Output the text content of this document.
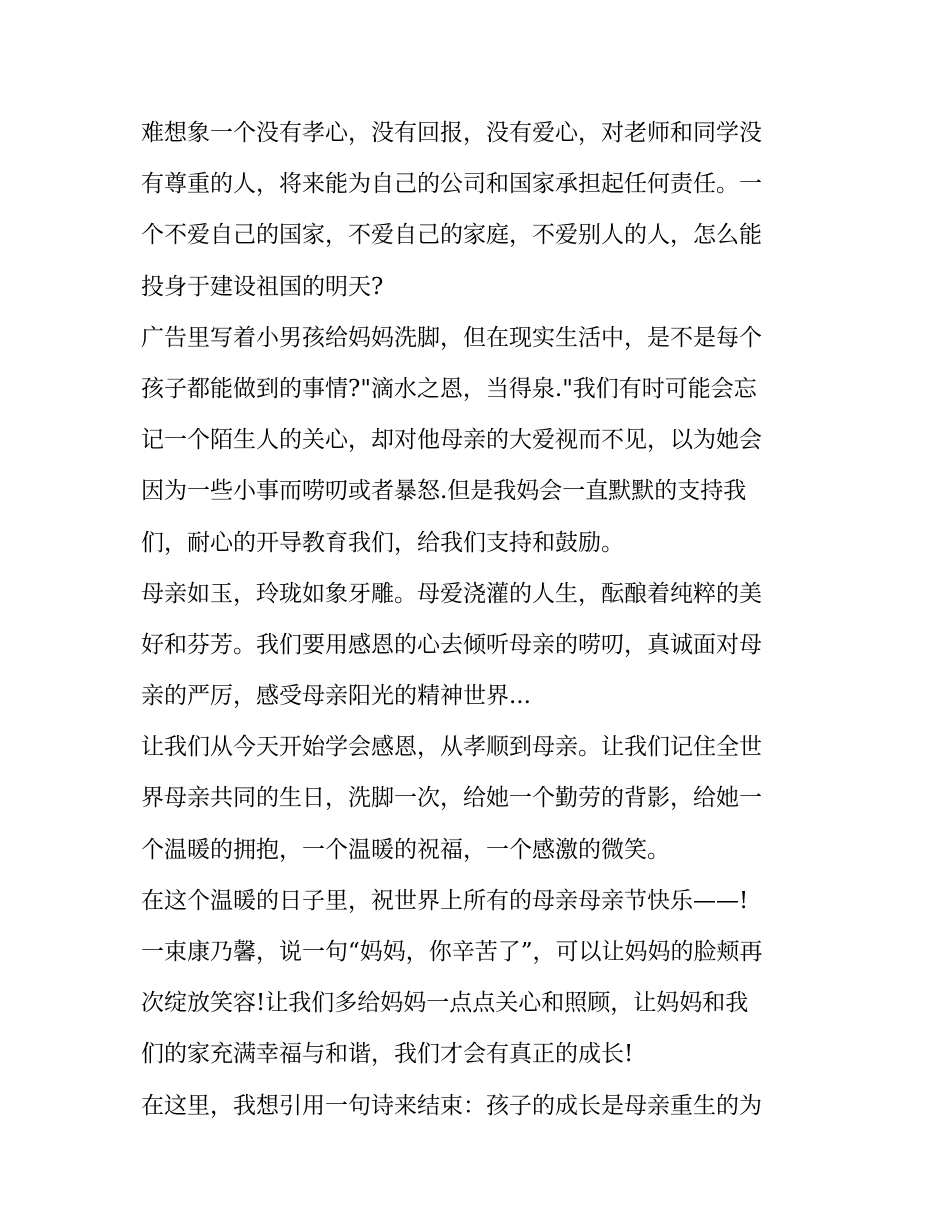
难想象一个没有孝心，没有回报，没有爱心，对老师和同学没
有尊重的人，将来能为自己的公司和国家承担起任何责任。一
个不爱自己的国家，不爱自己的家庭，不爱别人的人，怎么能
投身于建设祖国的明天?
广告里写着小男孩给妈妈洗脚，但在现实生活中，是不是每个
孩子都能做到的事情?"滴水之恩，当得泉."我们有时可能会忘
记一个陌生人的关心，却对他母亲的大爱视而不见，以为她会
因为一些小事而唠叨或者暴怒.但是我妈会一直默默的支持我
们，耐心的开导教育我们，给我们支持和鼓励。
母亲如玉，玲珑如象牙雕。母爱浇灌的人生，酝酿着纯粹的美
好和芬芳。我们要用感恩的心去倾听母亲的唠叨，真诚面对母
亲的严厉，感受母亲阳光的精神世界...
让我们从今天开始学会感恩，从孝顺到母亲。让我们记住全世
界母亲共同的生日，洗脚一次，给她一个勤劳的背影，给她一
个温暖的拥抱，一个温暖的祝福，一个感激的微笑。
在这个温暖的日子里，祝世界上所有的母亲母亲节快乐——!
一束康乃馨，说一句“妈妈，你辛苦了”，可以让妈妈的脸颊再
次绽放笑容!让我们多给妈妈一点点关心和照顾，让妈妈和我
们的家充满幸福与和谐，我们才会有真正的成长!
在这里，我想引用一句诗来结束：孩子的成长是母亲重生的为
